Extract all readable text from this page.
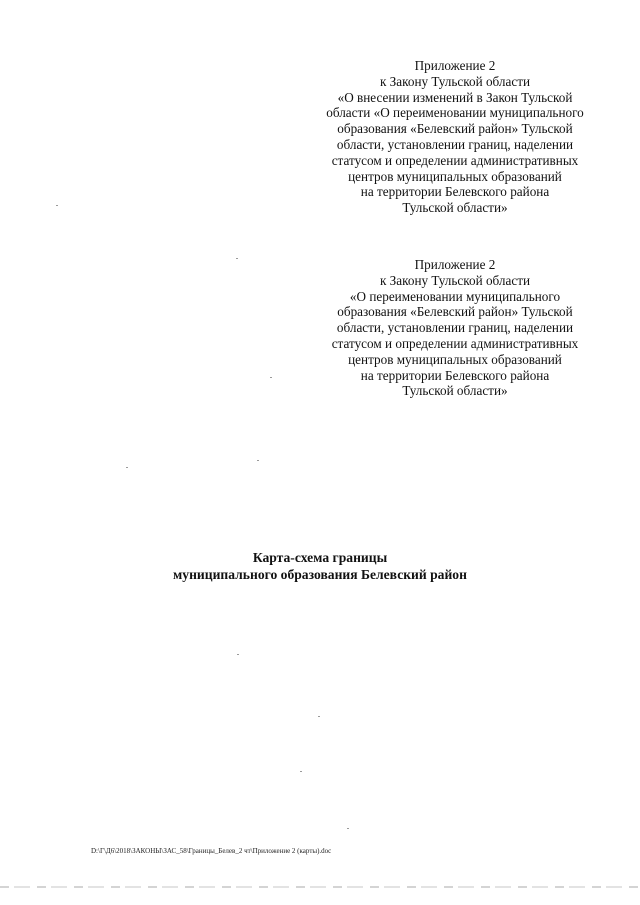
Приложение 2
к Закону Тульской области
«О внесении изменений в Закон Тульской
области «О переименовании муниципального
образования «Белевский район» Тульской
области, установлении границ, наделении
статусом и определении административных
центров муниципальных образований
на территории Белевского района
Тульской области»
Приложение 2
к Закону Тульской области
«О переименовании муниципального
образования «Белевский район» Тульской
области, установлении границ, наделении
статусом и определении административных
центров муниципальных образований
на территории Белевского района
Тульской области»
Карта-схема границы
муниципального образования Белевский район
D:\Г\Д6\2018\ЗАКОНЫ\ЗАС_58\Границы_Белев_2 чт\Приложение 2 (карты).doc
